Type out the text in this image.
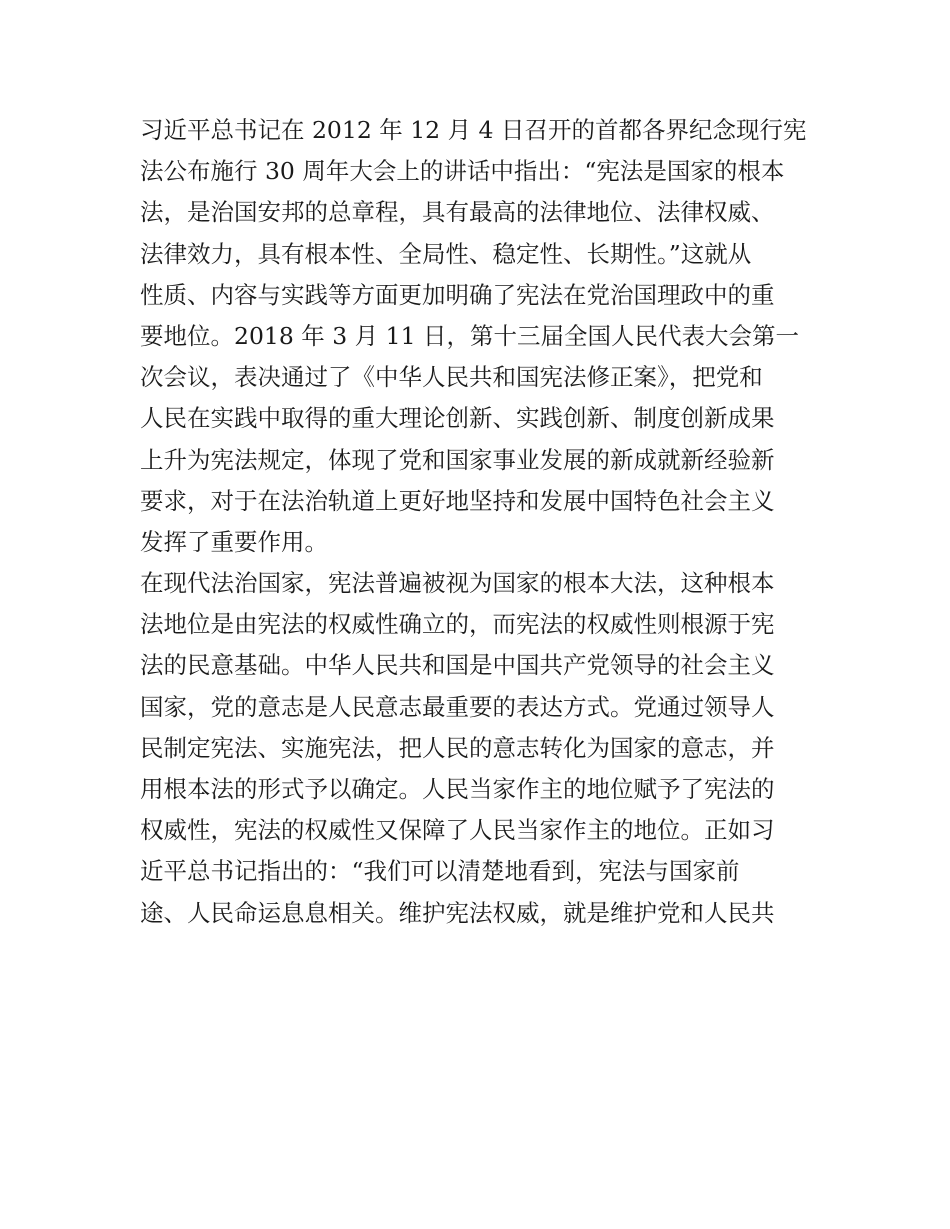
习近平总书记在 2012 年 12 月 4 日召开的首都各界纪念现行宪
法公布施行 30 周年大会上的讲话中指出：“宪法是国家的根本
法，是治国安邦的总章程，具有最高的法律地位、法律权威、
法律效力，具有根本性、全局性、稳定性、长期性。”这就从
性质、内容与实践等方面更加明确了宪法在党治国理政中的重
要地位。2018 年 3 月 11 日，第十三届全国人民代表大会第一
次会议，表决通过了《中华人民共和国宪法修正案》，把党和
人民在实践中取得的重大理论创新、实践创新、制度创新成果
上升为宪法规定，体现了党和国家事业发展的新成就新经验新
要求，对于在法治轨道上更好地坚持和发展中国特色社会主义
发挥了重要作用。
在现代法治国家，宪法普遍被视为国家的根本大法，这种根本
法地位是由宪法的权威性确立的，而宪法的权威性则根源于宪
法的民意基础。中华人民共和国是中国共产党领导的社会主义
国家，党的意志是人民意志最重要的表达方式。党通过领导人
民制定宪法、实施宪法，把人民的意志转化为国家的意志，并
用根本法的形式予以确定。人民当家作主的地位赋予了宪法的
权威性，宪法的权威性又保障了人民当家作主的地位。正如习
近平总书记指出的：“我们可以清楚地看到，宪法与国家前
途、人民命运息息相关。维护宪法权威，就是维护党和人民共
